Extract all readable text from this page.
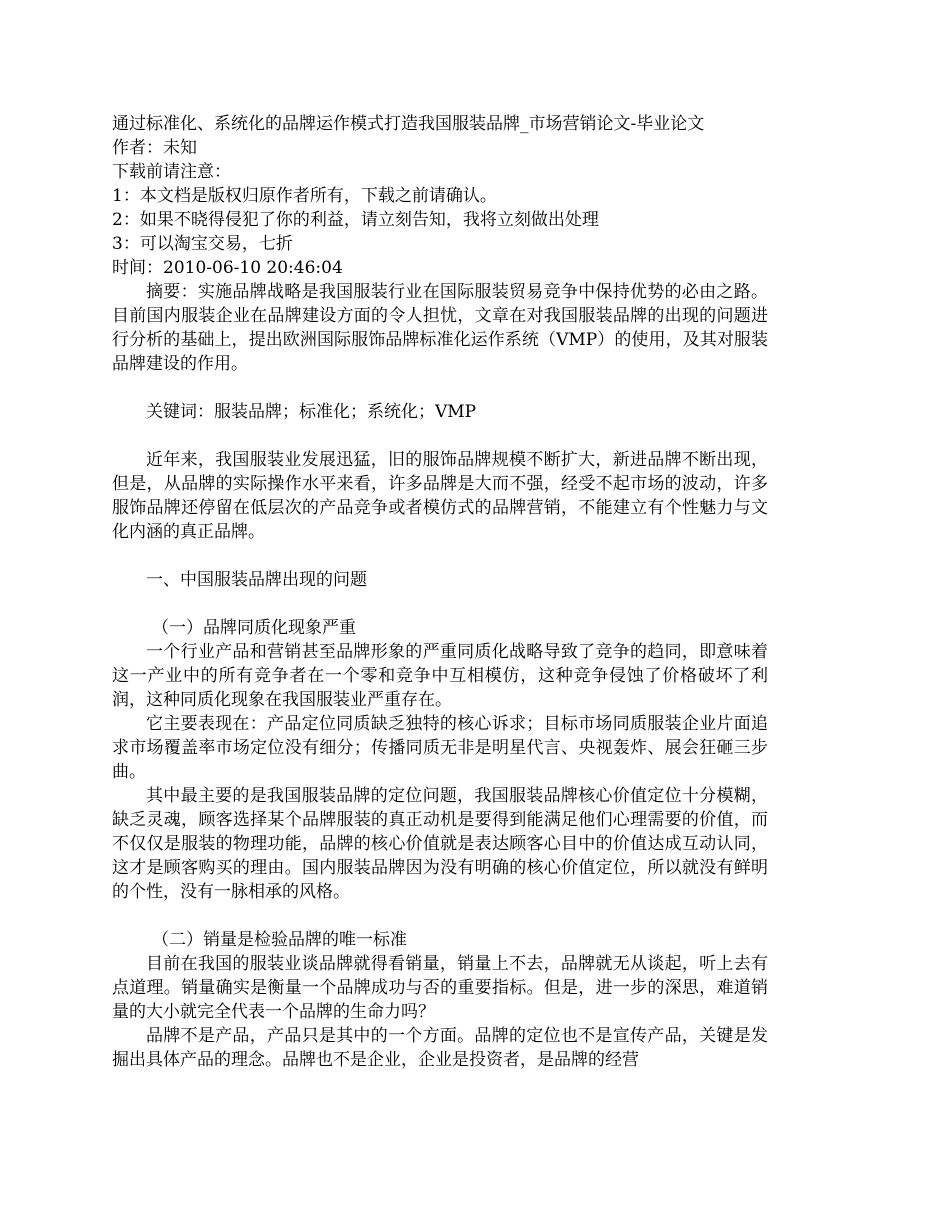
通过标准化、系统化的品牌运作模式打造我国服装品牌_市场营销论文-毕业论文

作者：未知

下载前请注意：

1：本文档是版权归原作者所有，下载之前请确认。

2：如果不晓得侵犯了你的利益，请立刻告知，我将立刻做出处理

3：可以淘宝交易，七折

时间：2010-06-10 20:46:04

摘要：实施品牌战略是我国服装行业在国际服装贸易竞争中保持优势的必由之路。目前国内服装企业在品牌建设方面的令人担忧，文章在对我国服装品牌的出现的问题进行分析的基础上，提出欧洲国际服饰品牌标准化运作系统（VMP）的使用，及其对服装品牌建设的作用。

关键词：服装品牌；标准化；系统化；VMP

近年来，我国服装业发展迅猛，旧的服饰品牌规模不断扩大，新进品牌不断出现，但是，从品牌的实际操作水平来看，许多品牌是大而不强，经受不起市场的波动，许多服饰品牌还停留在低层次的产品竞争或者模仿式的品牌营销，不能建立有个性魅力与文化内涵的真正品牌。

一、中国服装品牌出现的问题

（一）品牌同质化现象严重

一个行业产品和营销甚至品牌形象的严重同质化战略导致了竞争的趋同，即意味着这一产业中的所有竞争者在一个零和竞争中互相模仿，这种竞争侵蚀了价格破坏了利润，这种同质化现象在我国服装业严重存在。

它主要表现在：产品定位同质缺乏独特的核心诉求；目标市场同质服装企业片面追求市场覆盖率市场定位没有细分；传播同质无非是明星代言、央视轰炸、展会狂砸三步曲。

其中最主要的是我国服装品牌的定位问题，我国服装品牌核心价值定位十分模糊，缺乏灵魂，顾客选择某个品牌服装的真正动机是要得到能满足他们心理需要的价值，而不仅仅是服装的物理功能，品牌的核心价值就是表达顾客心目中的价值达成互动认同，这才是顾客购买的理由。国内服装品牌因为没有明确的核心价值定位，所以就没有鲜明的个性，没有一脉相承的风格。

（二）销量是检验品牌的唯一标准

目前在我国的服装业谈品牌就得看销量，销量上不去，品牌就无从谈起，听上去有点道理。销量确实是衡量一个品牌成功与否的重要指标。但是，进一步的深思，难道销量的大小就完全代表一个品牌的生命力吗？

品牌不是产品，产品只是其中的一个方面。品牌的定位也不是宣传产品，关键是发掘出具体产品的理念。品牌也不是企业，企业是投资者，是品牌的经营
